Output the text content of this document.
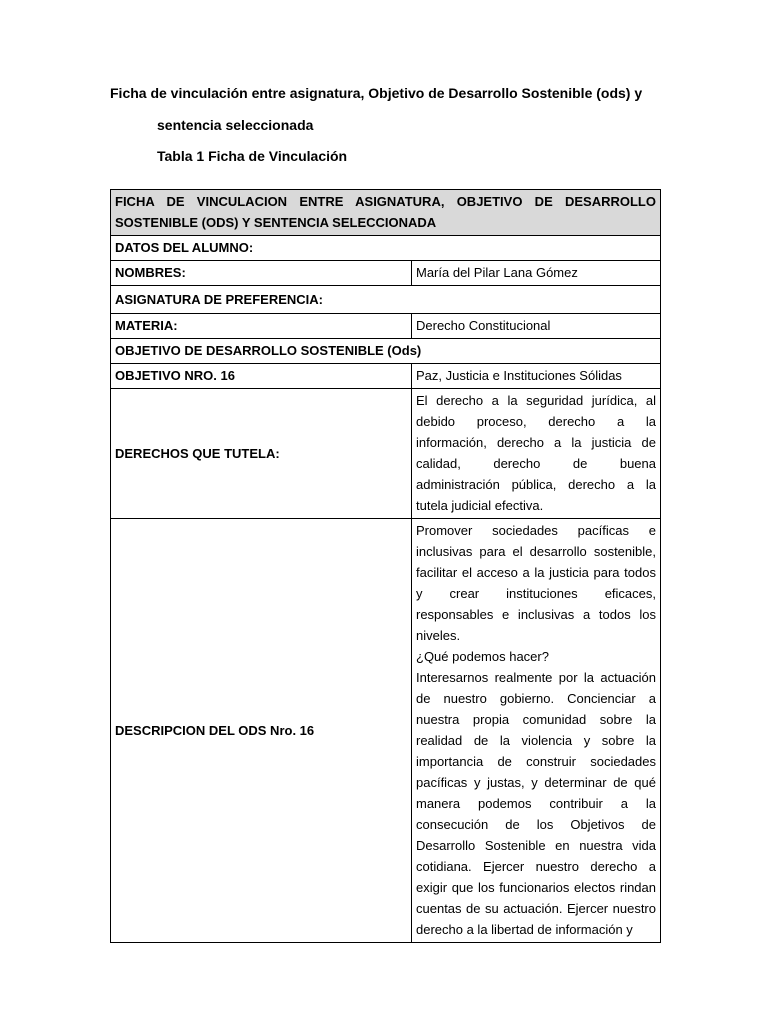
Ficha de vinculación entre asignatura, Objetivo de Desarrollo Sostenible (ods) y

sentencia seleccionada

Tabla 1 Ficha de Vinculación

FICHA DE VINCULACION ENTRE ASIGNATURA, OBJETIVO DE DESARROLLO SOSTENIBLE (ODS) Y SENTENCIA SELECCIONADA	
DATOS DEL ALUMNO:	
NOMBRES:	María del Pilar Lana Gómez
ASIGNATURA DE PREFERENCIA:	
MATERIA:	Derecho Constitucional
OBJETIVO DE DESARROLLO SOSTENIBLE (Ods)	
OBJETIVO NRO. 16	Paz, Justicia e Instituciones Sólidas
DERECHOS QUE TUTELA:	El derecho a la seguridad jurídica, al debido proceso, derecho a la información, derecho a la justicia de calidad, derecho de buena administración pública, derecho a la tutela judicial efectiva.
DESCRIPCION DEL ODS Nro. 16	Promover sociedades pacíficas e inclusivas para el desarrollo sostenible, facilitar el acceso a la justicia para todos y crear instituciones eficaces, responsables e inclusivas a todos los niveles.
¿Qué podemos hacer?
Interesarnos realmente por la actuación de nuestro gobierno. Concienciar a nuestra propia comunidad sobre la realidad de la violencia y sobre la importancia de construir sociedades pacíficas y justas, y determinar de qué manera podemos contribuir a la consecución de los Objetivos de Desarrollo Sostenible en nuestra vida cotidiana. Ejercer nuestro derecho a exigir que los funcionarios electos rindan cuentas de su actuación. Ejercer nuestro derecho a la libertad de información y
